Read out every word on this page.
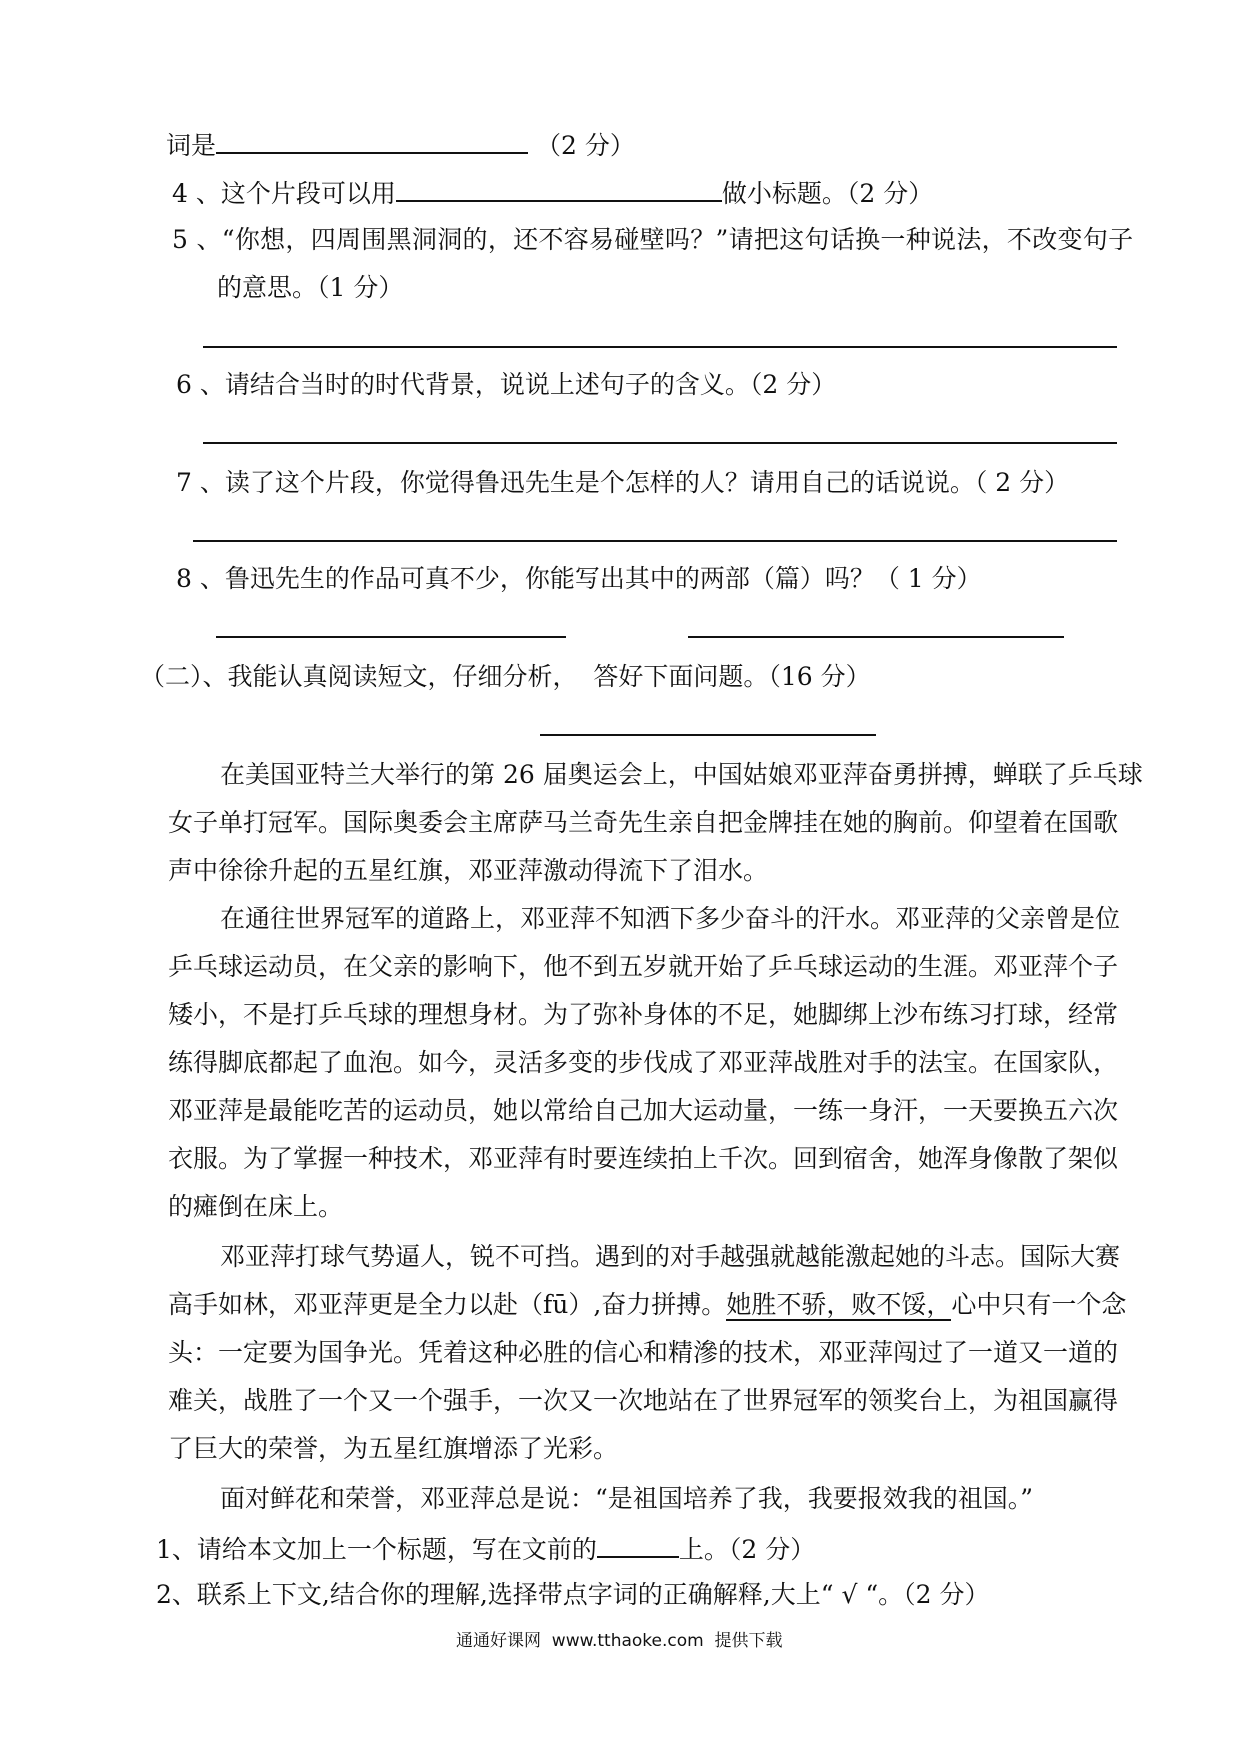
词是	（2 分）
4 、这个片段可以用	做小标题。（2 分）
5 、“你想，四周围黑洞洞的，还不容易碰壁吗？”请把这句话换一种说法，不改变句子
的意思。（1 分）
6 、请结合当时的时代背景，说说上述句子的含义。（2 分）
7 、读了这个片段，你觉得鲁迅先生是个怎样的人？请用自己的话说说。（ 2 分）
8 、鲁迅先生的作品可真不少，你能写出其中的两部（篇）吗？（ 1 分）
（二）、我能认真阅读短文，仔细分析，  答好下面问题。（16 分）
在美国亚特兰大举行的第 26 届奥运会上，中国姑娘邓亚萍奋勇拼搏，蝉联了乒乓球
女子单打冠军。国际奥委会主席萨马兰奇先生亲自把金牌挂在她的胸前。仰望着在国歌
声中徐徐升起的五星红旗，邓亚萍激动得流下了泪水。
在通往世界冠军的道路上，邓亚萍不知洒下多少奋斗的汗水。邓亚萍的父亲曾是位
乒乓球运动员，在父亲的影响下，他不到五岁就开始了乒乓球运动的生涯。邓亚萍个子
矮小，不是打乒乓球的理想身材。为了弥补身体的不足，她脚绑上沙布练习打球，经常
练得脚底都起了血泡。如今，灵活多变的步伐成了邓亚萍战胜对手的法宝。在国家队，
邓亚萍是最能吃苦的运动员，她以常给自己加大运动量，一练一身汗，一天要换五六次
衣服。为了掌握一种技术，邓亚萍有时要连续拍上千次。回到宿舍，她浑身像散了架似
的瘫倒在床上。
邓亚萍打球气势逼人，锐不可挡。遇到的对手越强就越能激起她的斗志。国际大赛
高手如林，邓亚萍更是全力以赴（fū）,奋力拼搏。她胜不骄，败不馁，心中只有一个念
头：一定要为国争光。凭着这种必胜的信心和精滲的技术，邓亚萍闯过了一道又一道的
难关，战胜了一个又一个强手，一次又一次地站在了世界冠军的领奖台上，为祖国赢得
了巨大的荣誉，为五星红旗增添了光彩。
面对鲜花和荣誉，邓亚萍总是说：“是祖国培养了我，我要报效我的祖国。”
1、请给本文加上一个标题，写在文前的	上。（2 分）
2、联系上下文,结合你的理解,选择带点字词的正确解释,大上“ √ “。（2 分）
通通好课网  www.tthaoke.com  提供下载
